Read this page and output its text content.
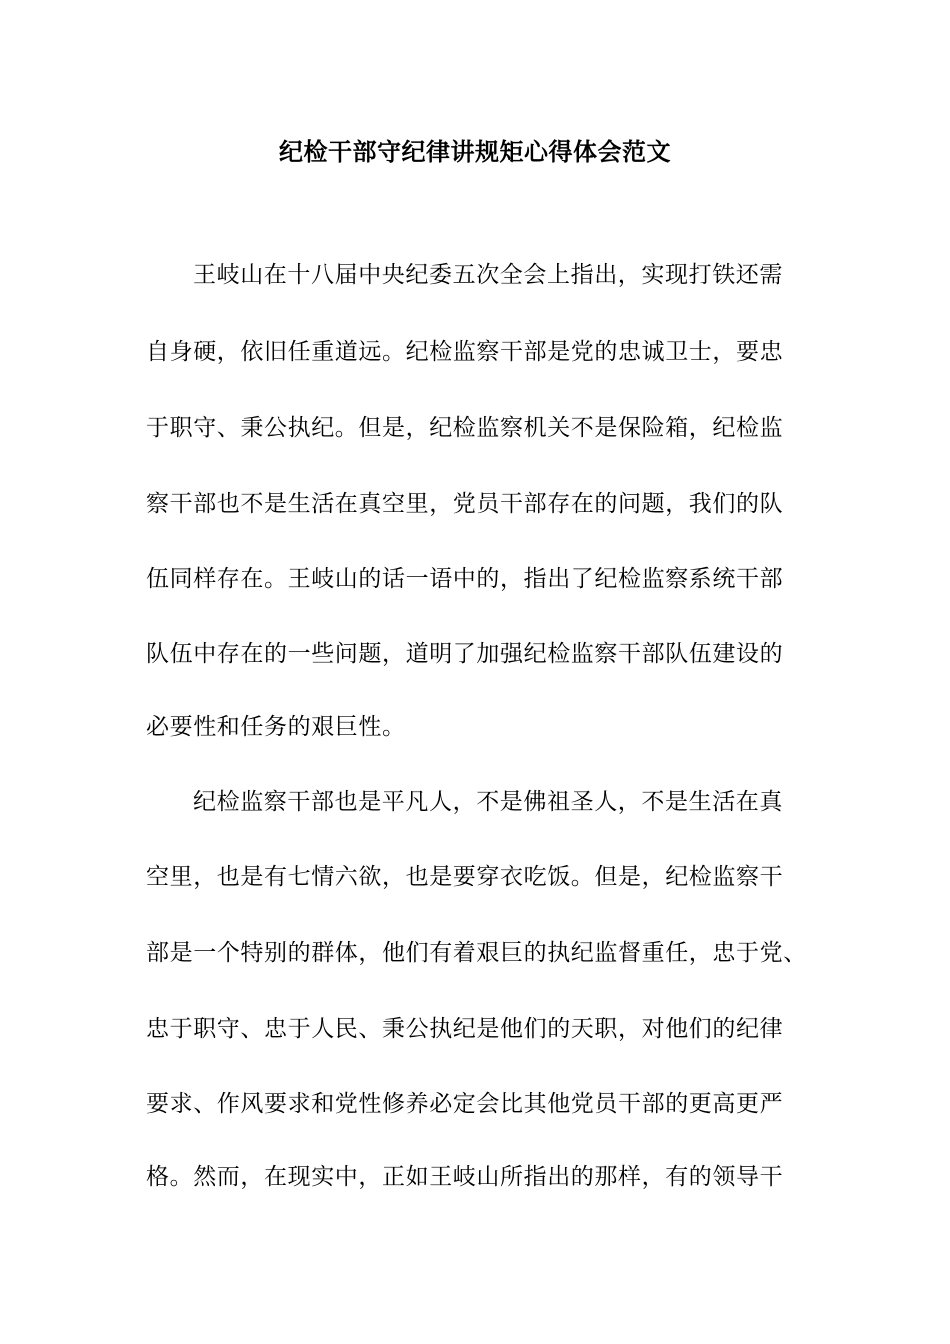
纪检干部守纪律讲规矩心得体会范文
王岐山在十八届中央纪委五次全会上指出，实现打铁还需
自身硬，依旧任重道远。纪检监察干部是党的忠诚卫士，要忠
于职守、秉公执纪。但是，纪检监察机关不是保险箱，纪检监
察干部也不是生活在真空里，党员干部存在的问题，我们的队
伍同样存在。王岐山的话一语中的，指出了纪检监察系统干部
队伍中存在的一些问题，道明了加强纪检监察干部队伍建设的
必要性和任务的艰巨性。
纪检监察干部也是平凡人，不是佛祖圣人，不是生活在真
空里，也是有七情六欲，也是要穿衣吃饭。但是，纪检监察干
部是一个特别的群体，他们有着艰巨的执纪监督重任，忠于党、
忠于职守、忠于人民、秉公执纪是他们的天职，对他们的纪律
要求、作风要求和党性修养必定会比其他党员干部的更高更严
格。然而，在现实中，正如王岐山所指出的那样，有的领导干
